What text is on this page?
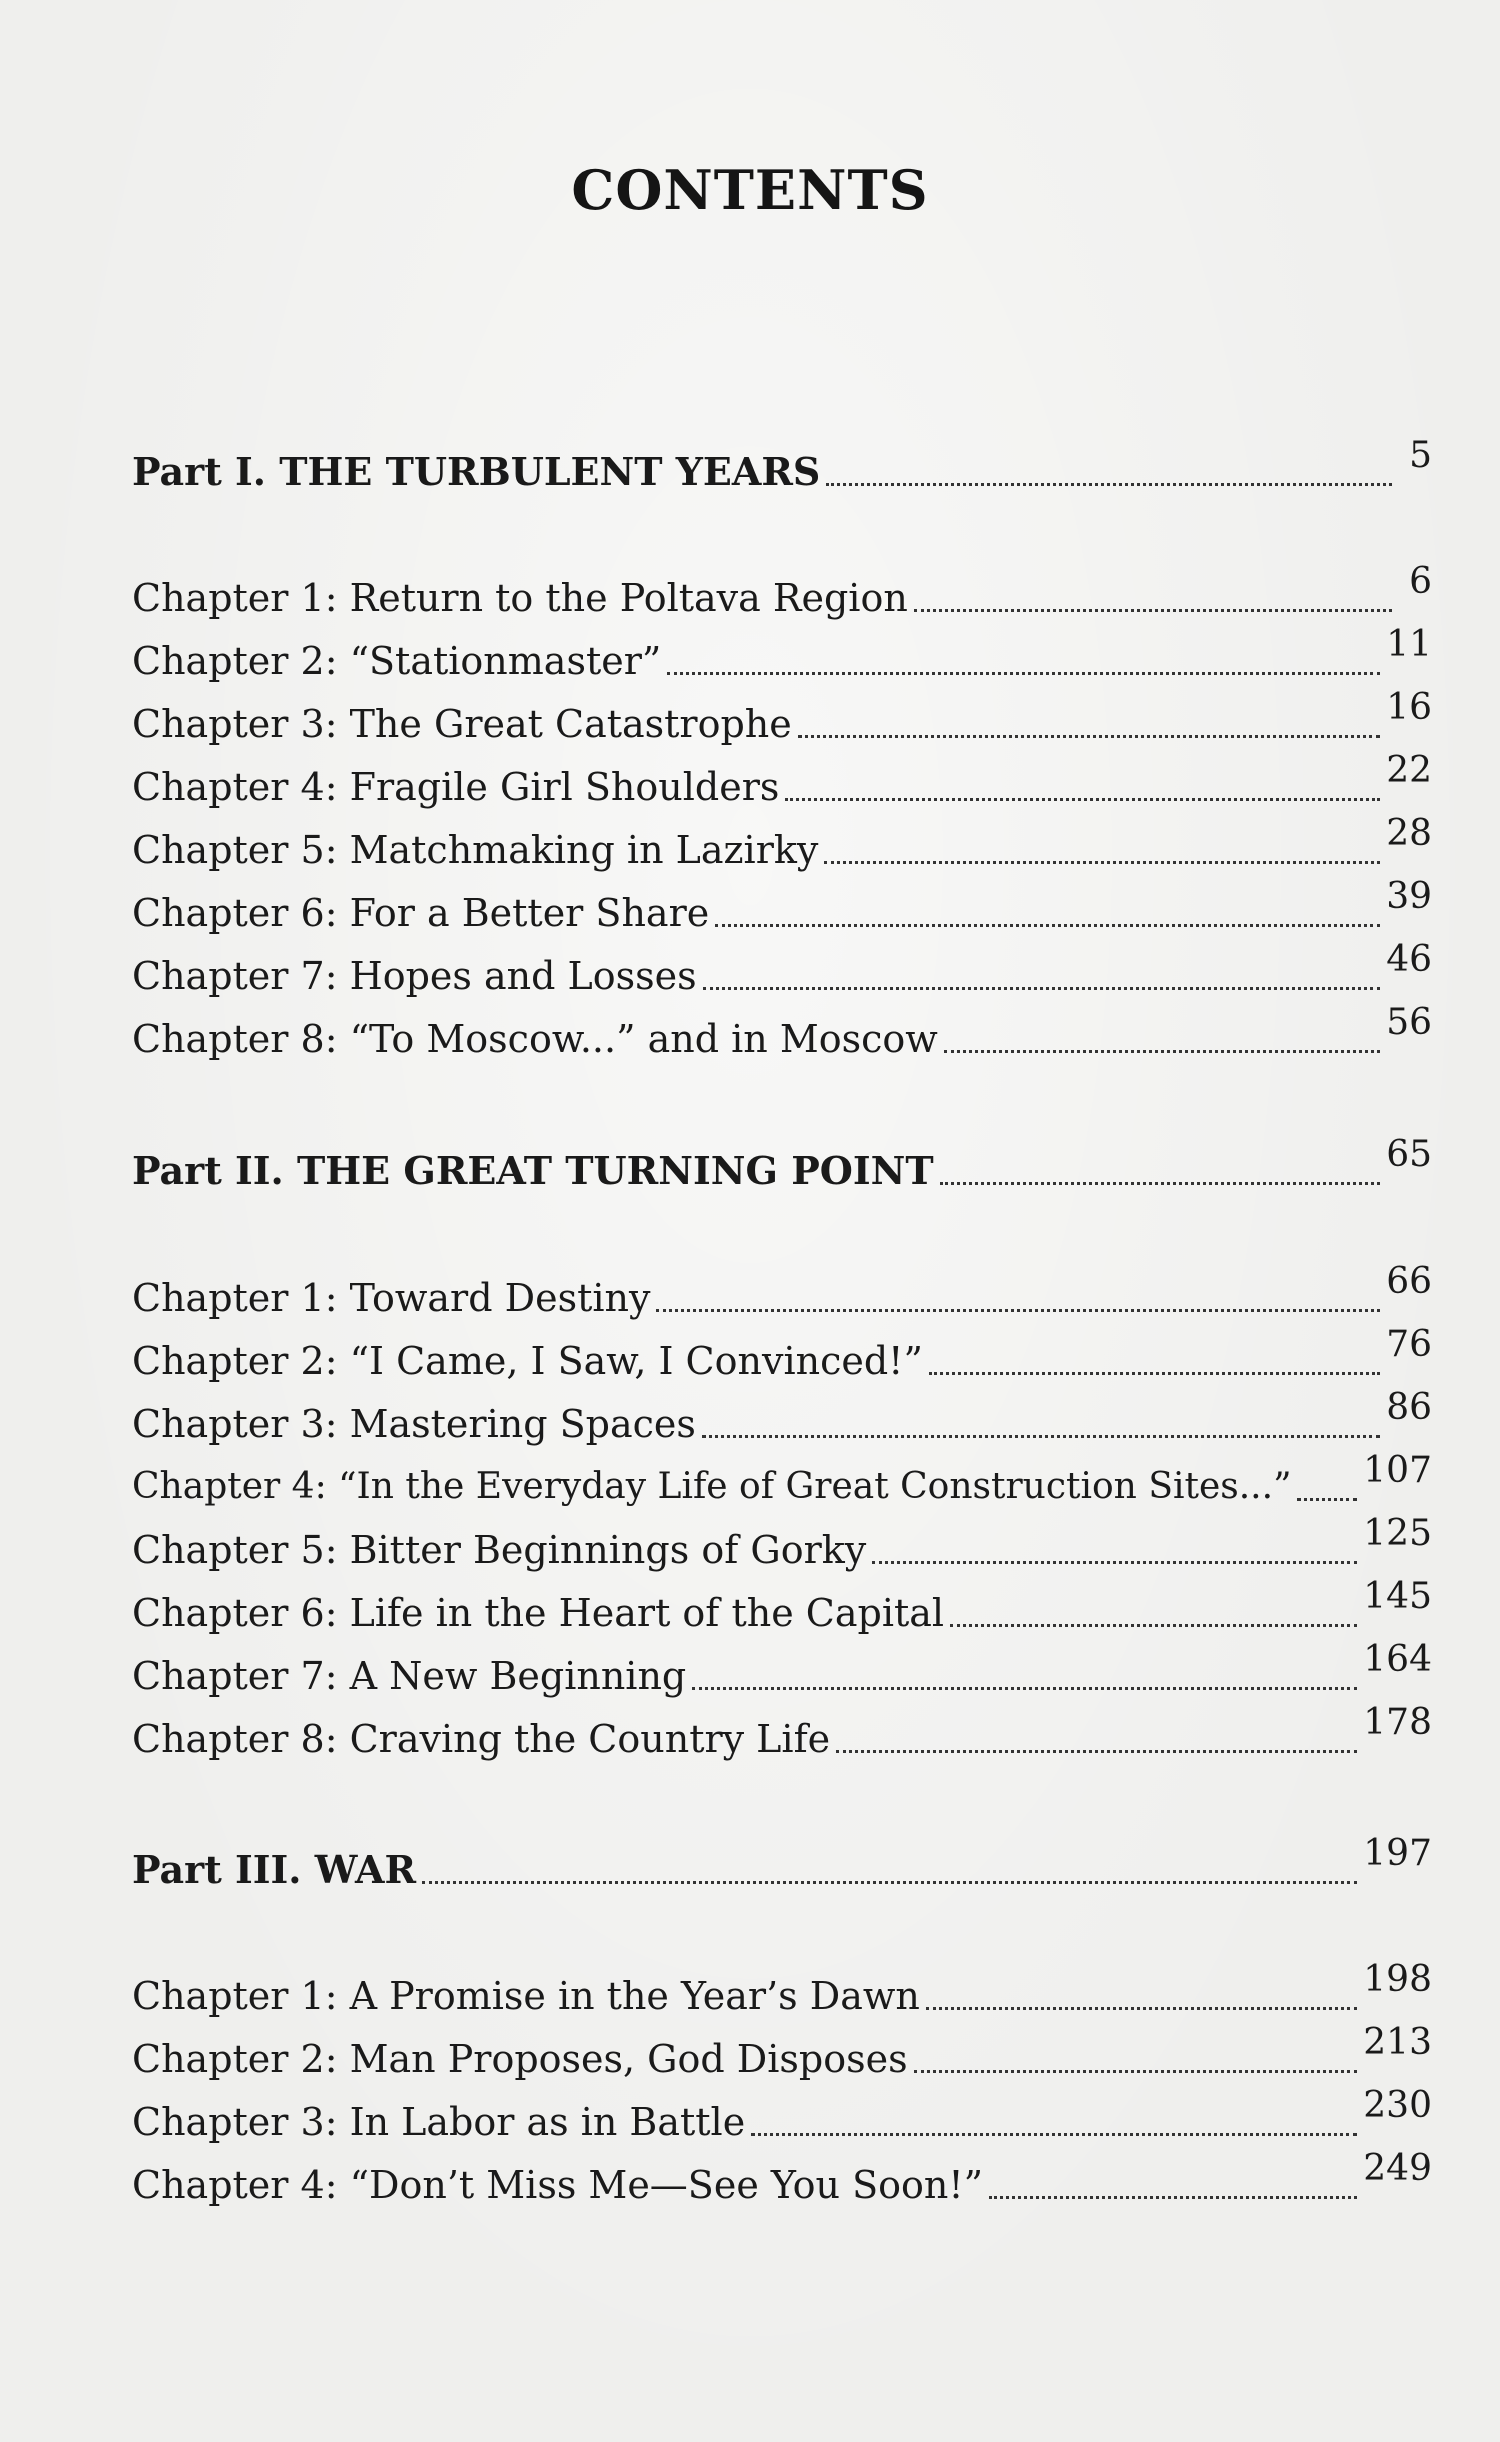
CONTENTS
Part I. THE TURBULENT YEARS	5
Chapter 1: Return to the Poltava Region	6
Chapter 2: “Stationmaster”	11
Chapter 3: The Great Catastrophe	16
Chapter 4: Fragile Girl Shoulders	22
Chapter 5: Matchmaking in Lazirky	28
Chapter 6: For a Better Share	39
Chapter 7: Hopes and Losses	46
Chapter 8: “To Moscow...” and in Moscow	56
Part II. THE GREAT TURNING POINT	65
Chapter 1: Toward Destiny	66
Chapter 2: “I Came, I Saw, I Convinced!”	76
Chapter 3: Mastering Spaces	86
Chapter 4: “In the Everyday Life of Great Construction Sites...” 107
Chapter 5: Bitter Beginnings of Gorky	125
Chapter 6: Life in the Heart of the Capital	145
Chapter 7: A New Beginning	164
Chapter 8: Craving the Country Life	178
Part III. WAR	197
Chapter 1: A Promise in the Year’s Dawn	198
Chapter 2: Man Proposes, God Disposes	213
Chapter 3: In Labor as in Battle	230
Chapter 4: “Don’t Miss Me—See You Soon!”	249
